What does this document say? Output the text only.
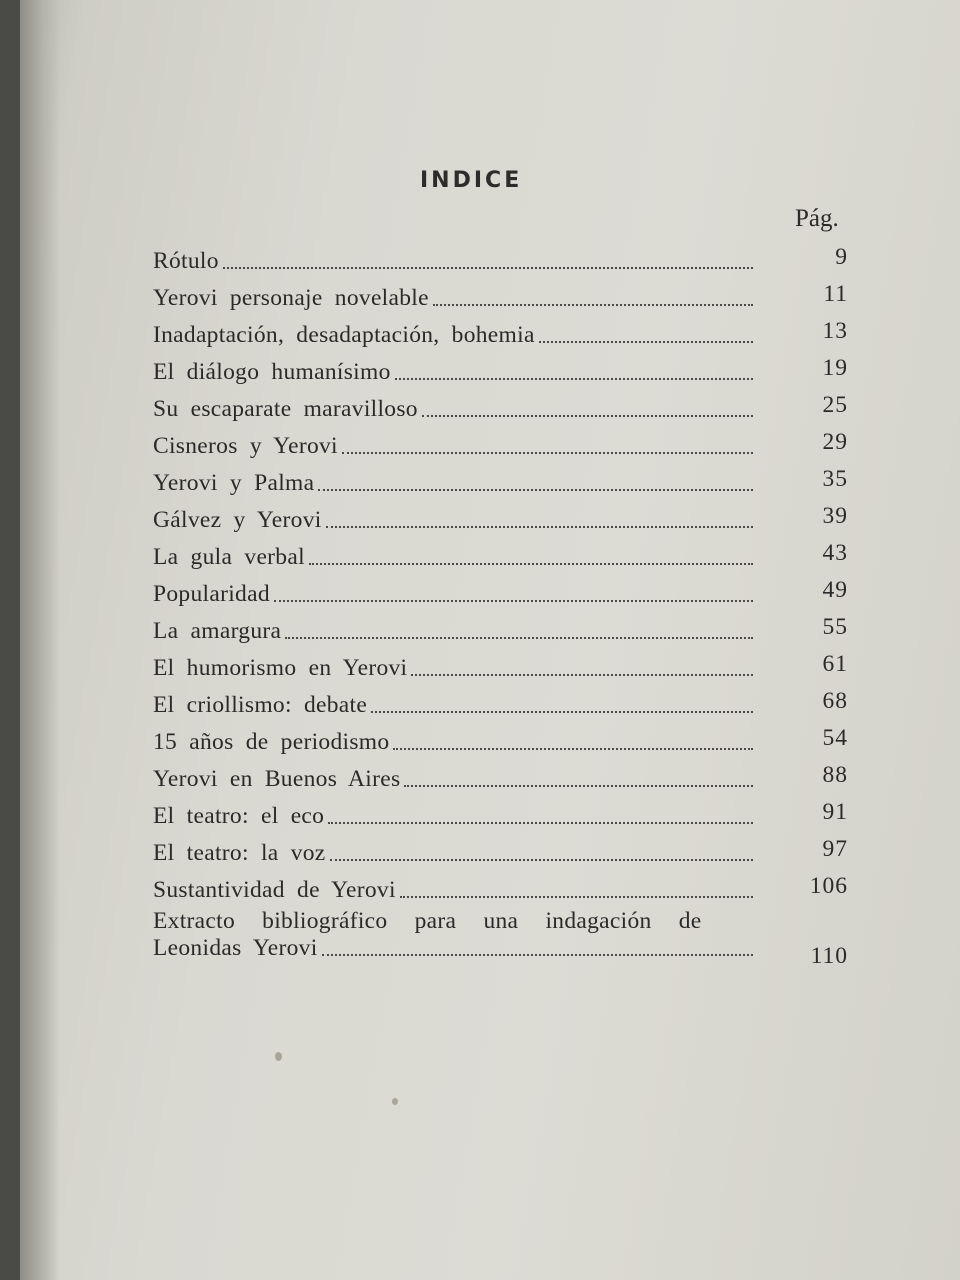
INDICE
Pág.
Rótulo	9
Yerovi personaje novelable	11
Inadaptación, desadaptación, bohemia	13
El diálogo humanísimo	19
Su escaparate maravilloso	25
Cisneros y Yerovi	29
Yerovi y Palma	35
Gálvez y Yerovi	39
La gula verbal	43
Popularidad	49
La amargura	55
El humorismo en Yerovi	61
El criollismo: debate	68
15 años de periodismo	54
Yerovi en Buenos Aires	88
El teatro: el eco	91
El teatro: la voz	97
Sustantividad de Yerovi	106
Extracto bibliográfico para una indagación de
Leonidas Yerovi	110
